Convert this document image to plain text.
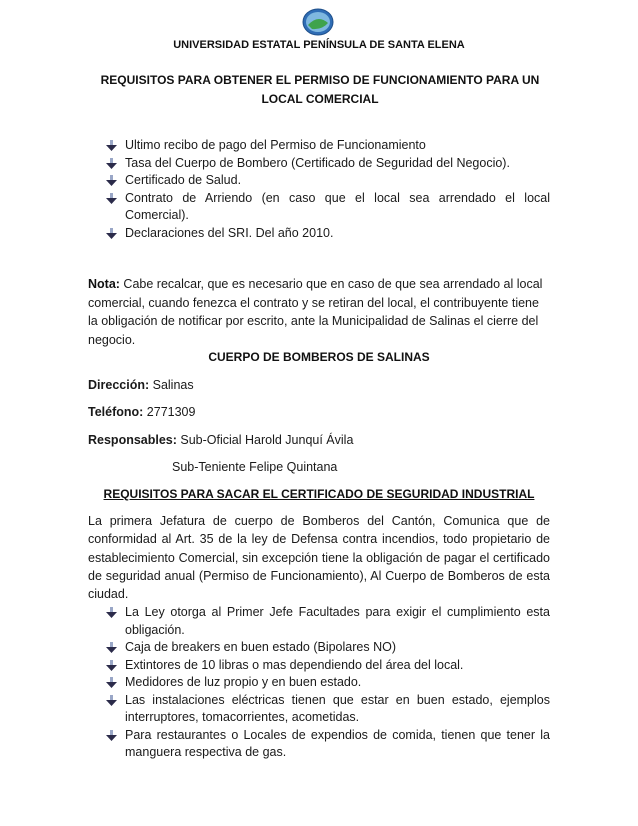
UNIVERSIDAD ESTATAL PENÍNSULA DE SANTA ELENA
REQUISITOS PARA OBTENER EL PERMISO DE FUNCIONAMIENTO PARA UN LOCAL COMERCIAL
Ultimo recibo de pago del Permiso de Funcionamiento
Tasa del Cuerpo de Bombero (Certificado de Seguridad del Negocio).
Certificado de Salud.
Contrato de Arriendo (en caso que el local sea arrendado el local Comercial).
Declaraciones del SRI. Del año 2010.

Nota: Cabe recalcar, que es necesario que en caso de que sea arrendado al local comercial, cuando fenezca el contrato y se retiran del local, el contribuyente tiene la obligación de notificar por escrito, ante la Municipalidad de Salinas el cierre del negocio.

CUERPO DE BOMBEROS DE SALINAS
Dirección: Salinas
Teléfono: 2771309
Responsables: Sub-Oficial Harold Junquí Ávila
Sub-Teniente Felipe Quintana
REQUISITOS PARA SACAR EL CERTIFICADO DE SEGURIDAD INDUSTRIAL

La primera Jefatura de cuerpo de Bomberos del Cantón, Comunica que de conformidad al Art. 35 de la ley de Defensa contra incendios, todo propietario de establecimiento Comercial, sin excepción tiene la obligación de pagar el certificado de seguridad anual (Permiso de Funcionamiento), Al Cuerpo de Bomberos de esta ciudad.

La Ley otorga al Primer Jefe Facultades para exigir el cumplimiento esta obligación.
Caja de breakers en buen estado (Bipolares NO)
Extintores de 10 libras o mas dependiendo del área del local.
Medidores de luz propio y en buen estado.
Las instalaciones eléctricas tienen que estar en buen estado, ejemplos interruptores, tomacorrientes, acometidas.
Para restaurantes o Locales de expendios de comida, tienen que tener la manguera respectiva de gas.
